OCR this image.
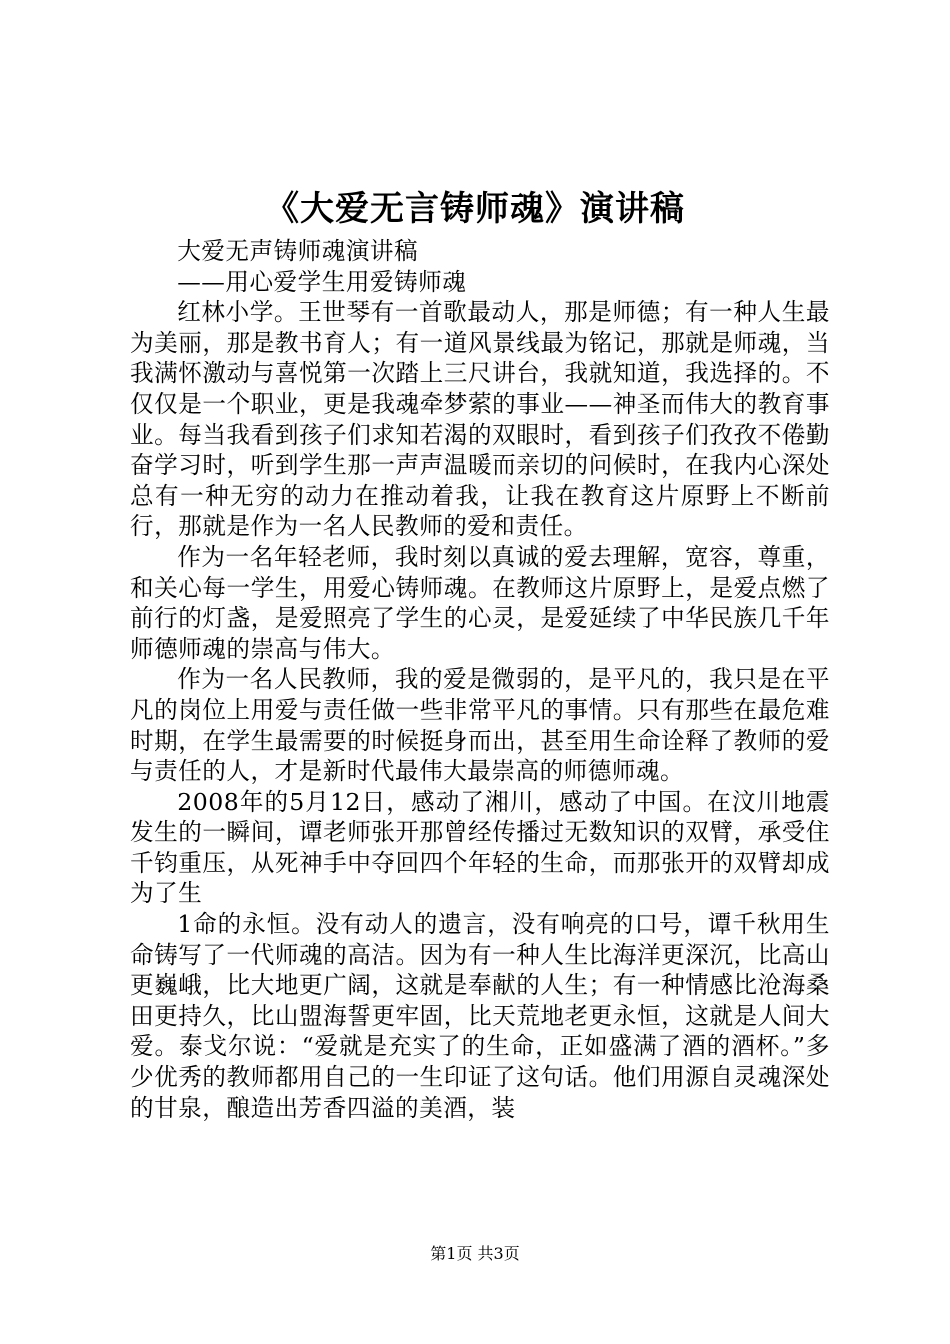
《大爱无言铸师魂》演讲稿

大爱无声铸师魂演讲稿

——用心爱学生用爱铸师魂

红林小学。王世琴有一首歌最动人，那是师德；有一种人生最为美丽，那是教书育人；有一道风景线最为铭记，那就是师魂，当我满怀激动与喜悦第一次踏上三尺讲台，我就知道，我选择的。不仅仅是一个职业，更是我魂牵梦萦的事业——神圣而伟大的教育事业。每当我看到孩子们求知若渴的双眼时，看到孩子们孜孜不倦勤奋学习时，听到学生那一声声温暖而亲切的问候时，在我内心深处总有一种无穷的动力在推动着我，让我在教育这片原野上不断前行，那就是作为一名人民教师的爱和责任。

作为一名年轻老师，我时刻以真诚的爱去理解，宽容，尊重，和关心每一学生，用爱心铸师魂。在教师这片原野上，是爱点燃了前行的灯盏，是爱照亮了学生的心灵，是爱延续了中华民族几千年师德师魂的崇高与伟大。

作为一名人民教师，我的爱是微弱的，是平凡的，我只是在平凡的岗位上用爱与责任做一些非常平凡的事情。只有那些在最危难时期，在学生最需要的时候挺身而出，甚至用生命诠释了教师的爱与责任的人，才是新时代最伟大最崇高的师德师魂。

2008年的5月12日，感动了湘川，感动了中国。在汶川地震发生的一瞬间，谭老师张开那曾经传播过无数知识的双臂，承受住千钧重压，从死神手中夺回四个年轻的生命，而那张开的双臂却成为了生

1命的永恒。没有动人的遗言，没有响亮的口号，谭千秋用生命铸写了一代师魂的高洁。因为有一种人生比海洋更深沉，比高山更巍峨，比大地更广阔，这就是奉献的人生；有一种情感比沧海桑田更持久，比山盟海誓更牢固，比天荒地老更永恒，这就是人间大爱。泰戈尔说：“爱就是充实了的生命，正如盛满了酒的酒杯。”多少优秀的教师都用自己的一生印证了这句话。他们用源自灵魂深处的甘泉，酿造出芳香四溢的美酒，装

第1页 共3页
